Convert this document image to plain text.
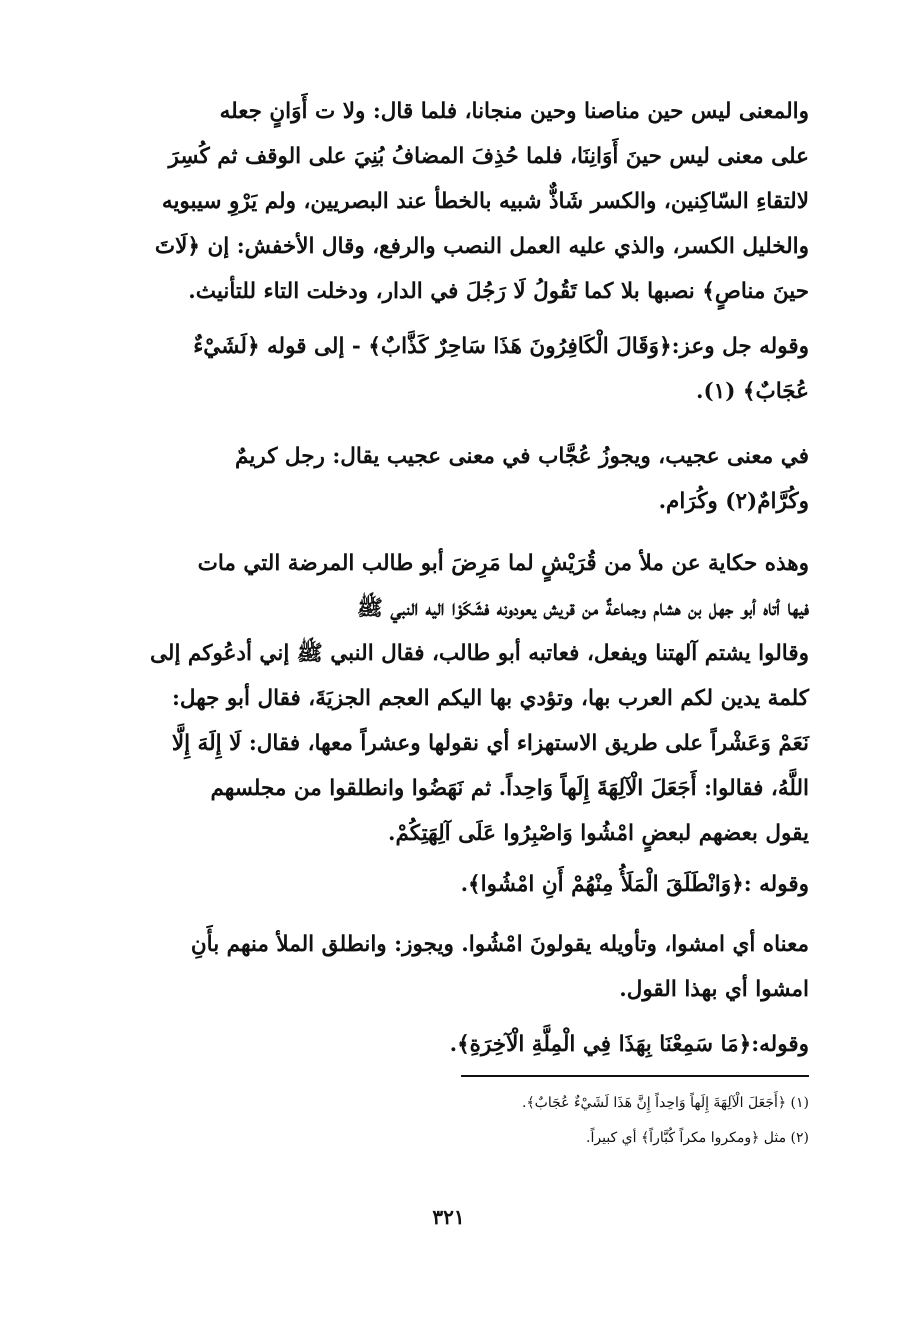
والمعنى ليس حين مناصنا وحين منجانا، فلما قال: ولا ت أَوَانٍ جعله
على معنى ليس حينَ أَوَانِنَا، فلما حُذِفَ المضافُ بُنِيَ على الوقف ثم كُسِرَ
لالتقاءِ السّاكِنين، والكسر شَاذٌّ شبيه بالخطأ عند البصريين، ولم يَرْوِ سيبويه
والخليل الكسر، والذي عليه العمل النصب والرفع، وقال الأخفش: إن ﴿لَاتَ
حينَ مناصٍ﴾ نصبها بلا كما تَقُولُ لَا رَجُلَ في الدار، ودخلت التاء للتأنيث.
وقوله جل وعز:﴿وَقَالَ الْكَافِرُونَ هَذَا سَاحِرٌ كَذَّابٌ﴾ - إلى قوله ﴿لَشَيْءٌ
عُجَابٌ﴾ (١).
في معنى عجيب، ويجوزُ عُجَّاب في معنى عجيب يقال: رجل كريمٌ
وكُرَّامٌ(٢) وكُرَام.
وهذه حكاية عن ملأ من قُرَيْشٍ لما مَرِضَ أبو طالب المرضة التي مات
فيها أتاه أبو جهل بن هشام وجماعةٌ من قريش يعودونه فشَكَوْا اليه النبي ﷺ
وقالوا يشتم آلهتنا ويفعل، فعاتبه أبو طالب، فقال النبي ﷺ إني أدعُوكم إلى
كلمة يدين لكم العرب بها، وتؤدي بها اليكم العجم الجزيَةَ، فقال أبو جهل:
نَعَمْ وَعَشْراً على طريق الاستهزاء أي نقولها وعشراً معها، فقال: لَا إِلَهَ إِلَّا
اللَّهُ، فقالوا: أَجَعَلَ الْآلِهَةَ إِلَهاً وَاحِداً. ثم نَهَضُوا وانطلقوا من مجلسهم
يقول بعضهم لبعضٍ امْشُوا وَاصْبِرُوا عَلَى آلِهَتِكُمْ.
وقوله :﴿وَانْطَلَقَ الْمَلَأُ مِنْهُمْ أَنِ امْشُوا﴾.
معناه أي امشوا، وتأويله يقولونَ امْشُوا. ويجوز: وانطلق الملأ منهم بأَنِ
امشوا أي بهذا القول.
وقوله:﴿مَا سَمِعْنَا بِهَذَا فِي الْمِلَّةِ الْآخِرَةِ﴾.
(١) ﴿أَجَعَلَ الْآلِهَةَ إِلَهاً وَاحِداً إِنَّ هَذَا لَشَيْءٌ عُجَابٌ﴾.
(٢) مثل ﴿ومكروا مكراً كُبَّاراً﴾ أي كبيراً.
٣٢١
